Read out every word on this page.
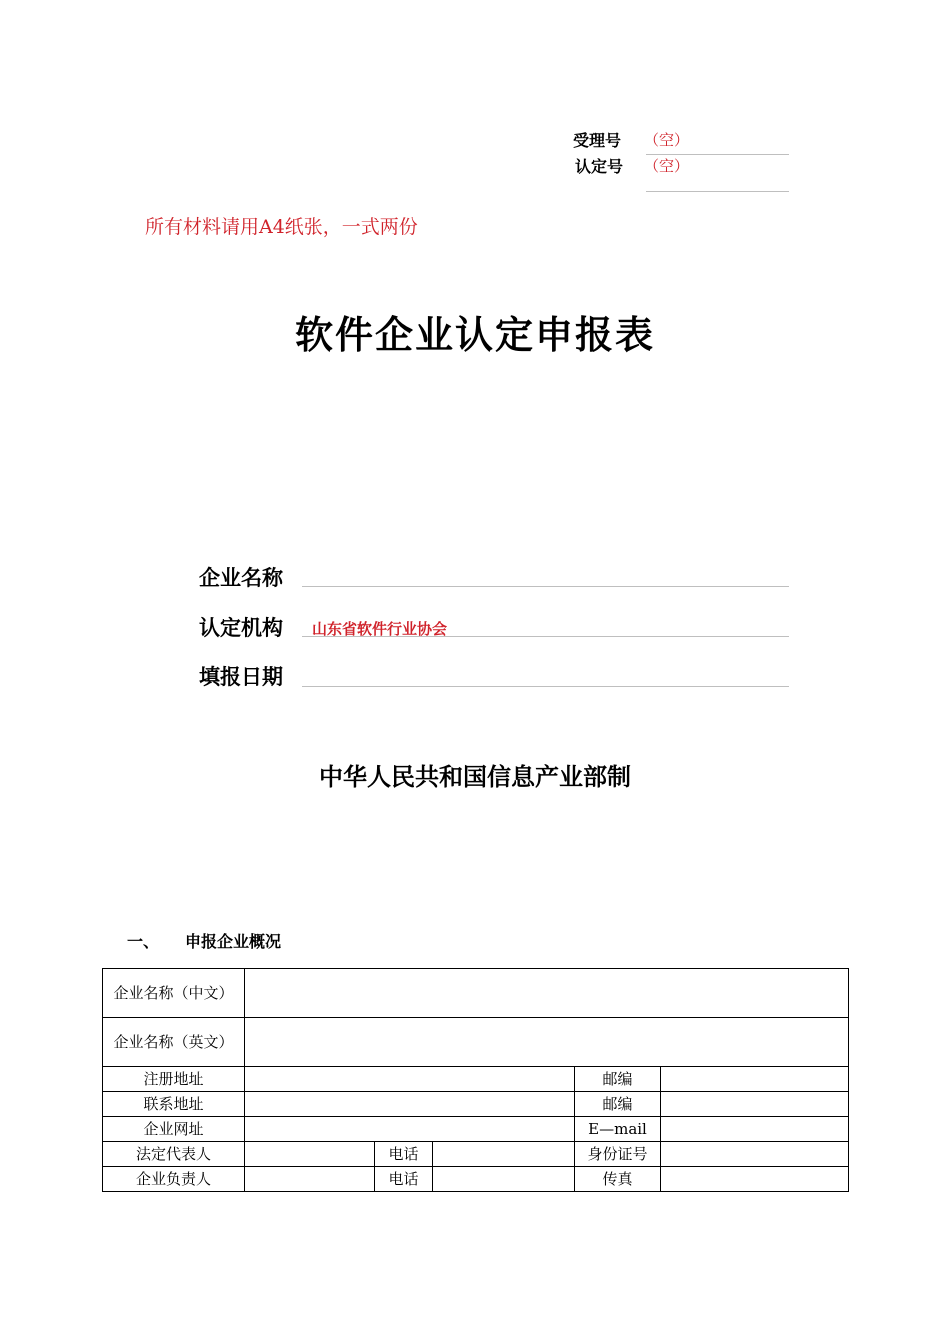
受理号 （空）
认定号 （空）
所有材料请用A4纸张，一式两份
软件企业认定申报表
企业名称
认定机构 山东省软件行业协会
填报日期
中华人民共和国信息产业部制
一、 申报企业概况
企业名称（中文）					
企业名称（英文）					
注册地址				邮编	
联系地址				邮编	
企业网址				E—mail	
法定代表人		电话		身份证号	
企业负责人		电话		传真	
